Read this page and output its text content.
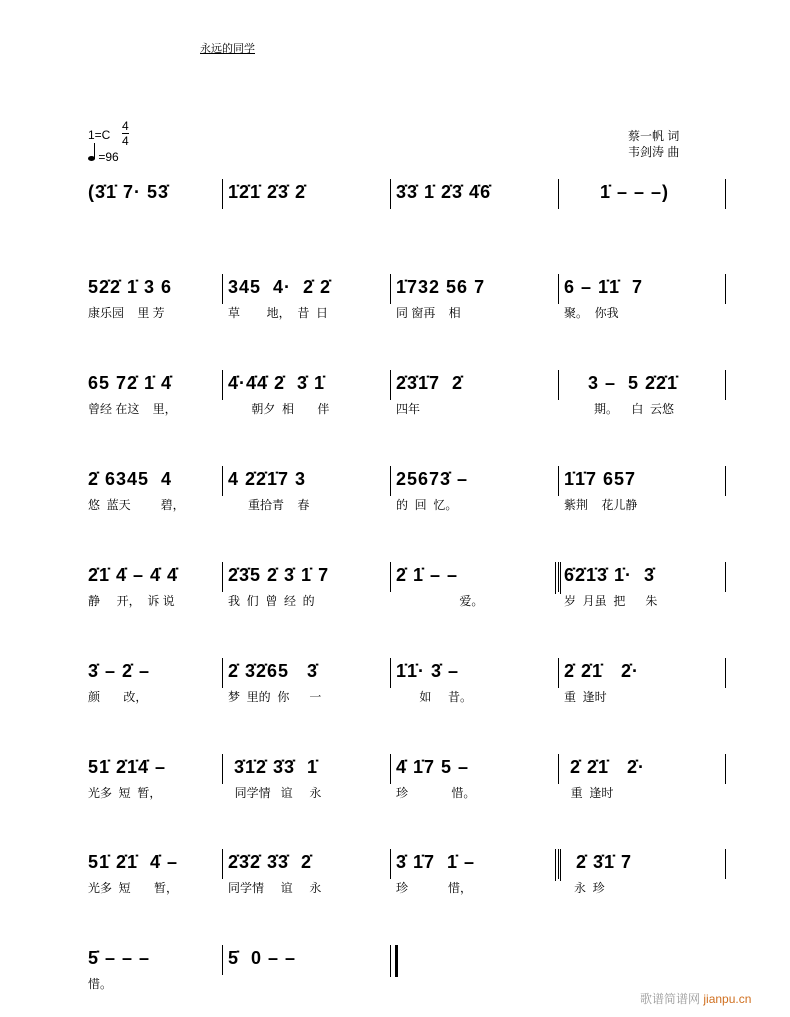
永远的同学
1=C
4
4
=96
蔡一帆 词
韦剑涛 曲
(3̇1̇ 7· 53̇	1̇2̇1̇ 2̇3̇ 2̇	3̇3̇ 1̇ 2̇3̇ 4̇6̇	1̇ – – –)
52̇2̇ 1̇ 3 6
康乐园    里 芳
345  4·  2̇ 2̇
草        地，  昔  日
1̇732 56 7
同 窗再    相
6 – 1̇1̇  7
聚。  你我
65 72̇ 1̇ 4̇
曾经 在这    里，
4̇·4̇4̇ 2̇  3̇ 1̇
朝夕  相       伴
2̇3̇1̇7  2̇
四年
3 –  5 2̇2̇1̇
期。    白  云悠
2̇ 6345  4
悠  蓝天         碧，
4 2̇2̇1̇7 3
重拾青    春
25673̇ –
的  回  忆。
1̇1̇7 657
紫荆    花儿静
2̇1̇ 4̇ – 4̇ 4̇
静     开，  诉 说
2̇3̇5 2̇ 3̇ 1̇ 7
我  们  曾  经  的
2̇ 1̇ – –
爱。
6̇2̇1̇3̇ 1̇·  3̇
岁  月虽  把      朱
3̇ – 2̇ –
颜       改，
2̇ 3̇2̇65   3̇
梦  里的  你      一
1̇1̇· 3̇ –
如     昔。
2̇ 2̇1̇   2̇·
重  逢时
51̇ 2̇1̇4̇ –
光多  短  暂，
3̇1̇2̇ 3̇3̇  1̇
同学情   谊     永
4̇ 1̇7 5 –
珍             惜。
2̇ 2̇1̇   2̇·
重  逢时
51̇ 2̇1̇  4̇ –
光多  短       暂，
2̇3̇2̇ 3̇3̇  2̇
同学情     谊     永
3̇ 1̇7  1̇ –
珍            惜，
2̇ 3̇1̇ 7
永  珍
5̇ – – –
惜。
5̇  0 – –
歌谱简谱网 jianpu.cn
